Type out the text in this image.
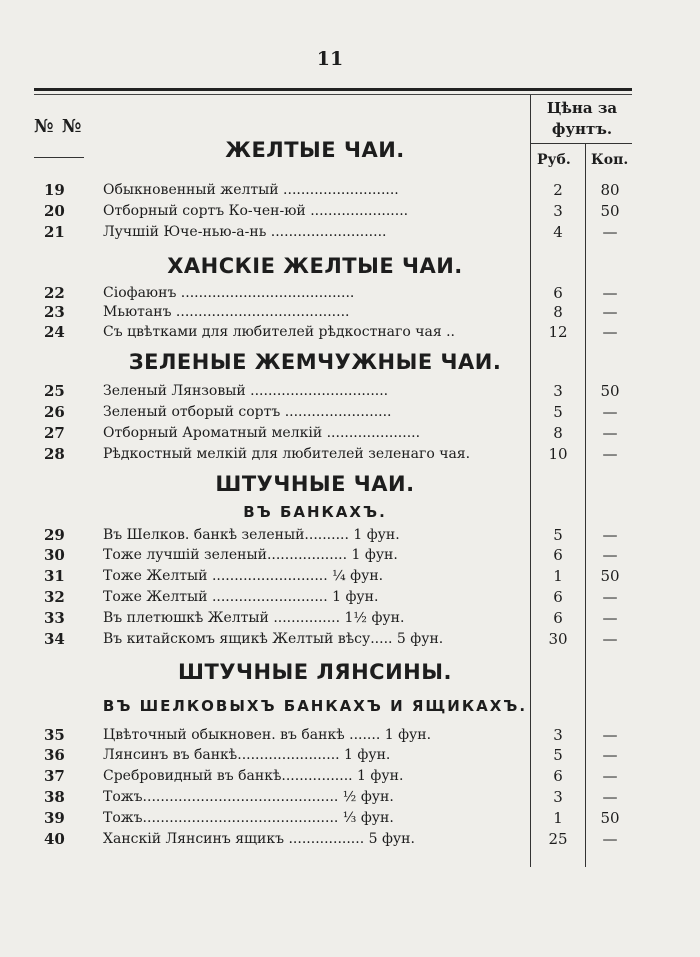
11
№ №
Цѣна за
фунтъ.
Руб. Коп.
ЖЕЛТЫЕ ЧАИ.
19	Обыкновенный желтый ..........................	2	80
20	Отборный сортъ Ко-чен-юй ......................	3	50
21	Лучшій Юче-нью-а-нь ..........................	4	—
ХАНСКІЕ ЖЕЛТЫЕ ЧАИ.
22	Сiофаюнъ .......................................	6	—
23	Мьютанъ .......................................	8	—
24	Съ цвѣтками для любителей рѣдкостнаго чая ..	12	—
ЗЕЛЕНЫЕ ЖЕМЧУЖНЫЕ ЧАИ.
25	Зеленый Лянзовый ...............................	3	50
26	Зеленый отборый сортъ ........................	5	—
27	Отборный Ароматный мелкій .....................	8	—
28	Рѣдкостный мелкій для любителей зеленаго чая.	10	—
ШТУЧНЫЕ ЧАИ.
ВЪ БАНКАХЪ.
29	Въ Шелков. банкѣ зеленый.......... 1 фун.	5	—
30	Тоже лучшій зеленый.................. 1 фун.	6	—
31	Тоже Желтый .......................... ¼ фун.	1	50
32	Тоже Желтый .......................... 1 фун.	6	—
33	Въ плетюшкѣ Желтый ............... 1½ фун.	6	—
34	Въ китайскомъ ящикѣ Желтый вѣсу..... 5 фун.	30	—
ШТУЧНЫЕ ЛЯНСИНЫ.
ВЪ ШЕЛКОВЫХЪ БАНКАХЪ И ЯЩИКАХЪ.
35	Цвѣточный обыкновен. въ банкѣ ....... 1 фун.	3	—
36	Лянсинъ въ банкѣ....................... 1 фун.	5	—
37	Сребровидный въ банкѣ................ 1 фун.	6	—
38	Тожъ............................................ ½ фун.	3	—
39	Тожъ............................................ ⅓ фун.	1	50
40	Ханскій Лянсинъ ящикъ ................. 5 фун.	25	—
